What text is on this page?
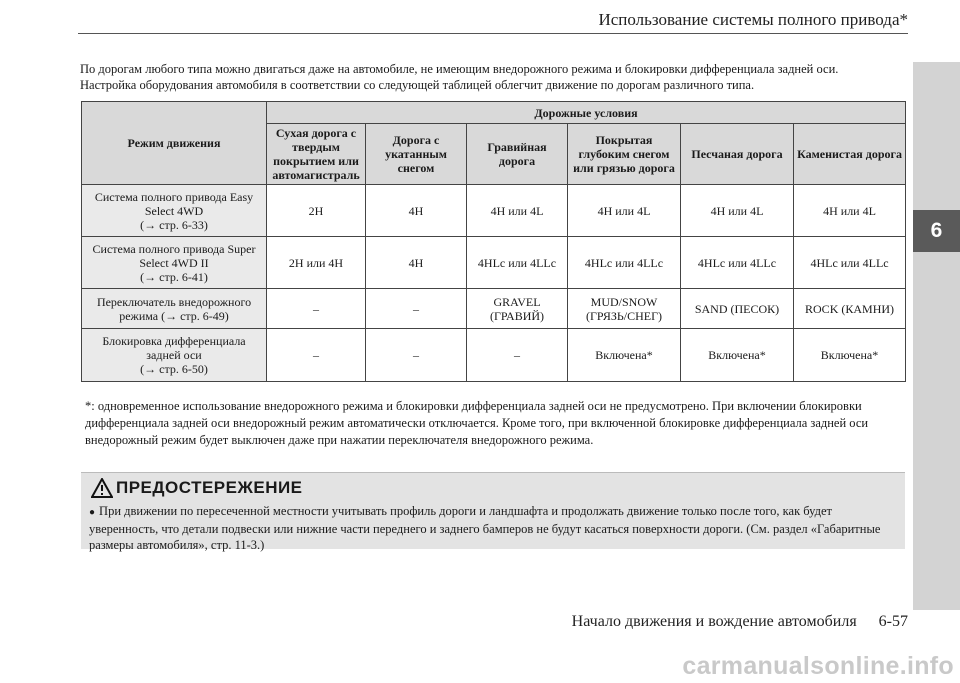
Использование системы полного привода*
6

По дорогам любого типа можно двигаться даже на автомобиле, не имеющим внедорожного режима и блокировки дифференциала задней оси.

Настройка оборудования автомобиля в соответствии со следующей таблицей облегчит движение по дорогам различного типа.

Режим движения	Дорожные условия					
	Сухая дорога с твердым покрытием или автомагистраль	Дорога с укатанным снегом	Гравийная дорога	Покрытая глубоким снегом или грязью дорога	Песчаная дорога	Каменистая дорога

Система полного привода Easy Select 4WD
(→ стр. 6-33)	2H	4H	4H или 4L	4H или 4L	4H или 4L	4H или 4L

Система полного привода Super Select 4WD II
(→ стр. 6-41)	2H или 4H	4H	4HLc или 4LLc	4HLc или 4LLc	4HLc или 4LLc	4HLc или 4LLc

Переключатель внедорожного режима (→ стр. 6-49)	–	–	GRAVEL (ГРАВИЙ)	MUD/SNOW (ГРЯЗЬ/СНЕГ)	SAND (ПЕСОК)	ROCK (КАМНИ)

Блокировка дифференциала задней оси
(→ стр. 6-50)	–	–	–	Включена*	Включена*	Включена*
*: одновременное использование внедорожного режима и блокировки дифференциала задней оси не предусмотрено. При включении блокировки дифференциала задней оси внедорожный режим автоматически отключается. Кроме того, при включенной блокировке дифференциала задней оси внедорожный режим будет выключен даже при нажатии переключателя внедорожного режима.
ПРЕДОСТЕРЕЖЕНИЕ
● При движении по пересеченной местности учитывать профиль дороги и ландшафта и продолжать движение только после того, как будет уверенность, что детали подвески или нижние части переднего и заднего бамперов не будут касаться поверхности дороги. (См. раздел «Габаритные размеры автомобиля», стр. 11-3.)
Начало движения и вождение автомобиля 6-57
carmanualsonline.info
